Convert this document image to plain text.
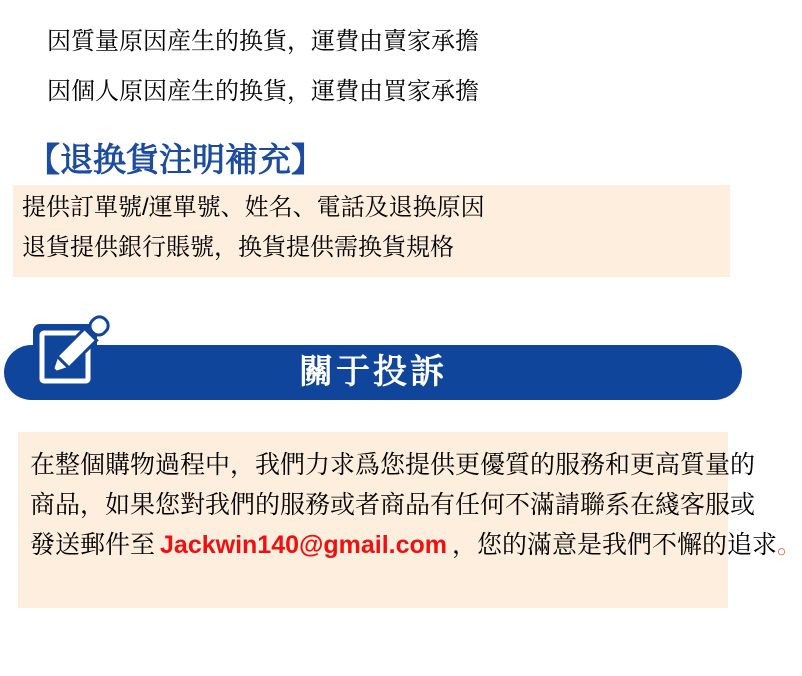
因質量原因産生的换貨，運費由賣家承擔
因個人原因産生的换貨，運費由買家承擔
【退换貨注明補充】

提供訂單號/運單號、姓名、電話及退换原因

退貨提供銀行賬號，换貨提供需换貨規格

關于投訴

在整個購物過程中，我們力求爲您提供更優質的服務和更高質量的

商品，如果您對我們的服務或者商品有任何不滿請聯系在綫客服或

發送郵件至 Jackwin140@gmail.com ，您的滿意是我們不懈的追求。
